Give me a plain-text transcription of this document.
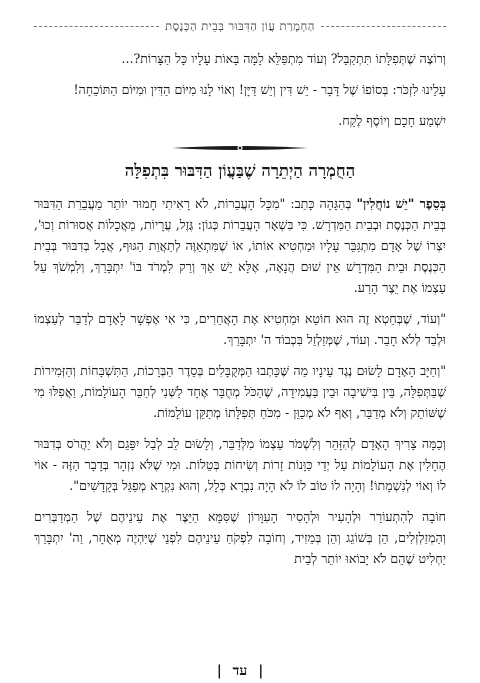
הַחְמָרַת עֲוֹן הַדִּבּוּר בְּבֵית הַכְּנֶסֶת

וְרוֹצֶה שֶׁתְּפִלָּתוֹ תִּתְקַבֵּל? וְעוֹד מִתְפַּלֵּא לָמָּה בָּאוֹת עָלָיו כָּל הַצָּרוֹת?...

עָלֵינוּ לִזְכֹּר: בְּסוֹפוֹ שֶׁל דָּבָר - יֵשׁ דִּין וְיֵשׁ דַּיָּן! וְאוֹי לָנוּ מִיּוֹם הַדִּין וּמִיּוֹם הַתּוֹכֵחָה!

יִשְׁמַע חָכָם וְיוֹסֶף לֶקַח.

הַחֻמְרָה הַיְתֵרָה שֶׁבַּעֲוֹן הַדִּבּוּר בִּתְפִלָּה

בְּסֵפֶר "יֵשׁ נוֹחֲלִין" בְּהַגָּהָה כָּתַב: "מִכָּל הָעֲבֵרוֹת, לֹא רָאִיתִי חָמוּר יוֹתֵר מֵעֲבֵרַת הַדִּבּוּר בְּבֵית הַכְּנֶסֶת וּבְבֵית הַמִּדְרָשׁ. כִּי בִּשְׁאָר הָעֲבֵרוֹת כְּגוֹן: גֶּזֶל, עֲרָיוֹת, מַאֲכָלוֹת אֲסוּרוֹת וְכוּ', יִצְרוֹ שֶׁל אָדָם מִתְגַּבֵּר עָלָיו וּמַחְטִיא אוֹתוֹ, אוֹ שֶׁמִּתְאַוֶּה לְתַאֲוַת הַגּוּף, אֲבָל בְּדִבּוּר בְּבֵית הַכְּנֶסֶת וּבֵית הַמִּדְרָשׁ אֵין שׁוּם הֲנָאָה, אֶלָּא יֵשׁ אַךְ וְרַק לִמְרֹד בּוֹ' יִתְבָּרַךְ, וְלִמְשֹׁךְ עַל עַצְמוֹ אֶת יֵצֶר הָרַע.

"וְעוֹד, שֶׁבְּחֵטְא זֶה הוּא חוֹטֵא וּמַחְטִיא אֶת הָאֲחֵרִים, כִּי אִי אֶפְשָׁר לָאָדָם לְדַבֵּר לְעַצְמוֹ וּלְבַד לְלֹא חָבֵר. וְעוֹד, שֶׁמְּזַלְזֵל בִּכְבוֹד ה' יִתְבָּרַךְ.

"וְחַיָּב הָאָדָם לָשׂוּם נֶגֶד עֵינָיו מַה שֶּׁכָּתְבוּ הַמְּקֻבָּלִים בְּסֵדֶר הַבְּרָכוֹת, הַתִּשְׁבָּחוֹת וְהַזְּמִירוֹת שֶׁבַּתְּפִלָּה, בֵּין בִּישִׁיבָה וּבֵין בַּעֲמִידָה, שֶׁהַכֹּל מְחֻבָּר אֶחָד לַשְּׁנִי לְחַבֵּר הָעוֹלָמוֹת, וַאֲפִלּוּ מִי שֶׁשּׁוֹתֵק וְלֹא מְדַבֵּר, וְאַף לֹא מְכַוֵּן - מִכֹּחַ תְּפִלָּתוֹ מְתַקֵּן עוֹלָמוֹת.

וְכַמָּה צָרִיךְ הָאָדָם לְהִזָּהֵר וְלִשְׁמֹר עַצְמוֹ מִלְּדַבֵּר, וְלָשׂוּם לֵב לְבַל יִפָּגֵם וְלֹא יַהֲרֹס בְּדִבּוּר הֶחָלִין אֶת הָעוֹלָמוֹת עַל יְדֵי כַּוָּנוֹת זָרוֹת וְשִׂיחוֹת בְּטֵלוֹת. וּמִי שֶׁלֹּא נִזְהָר בְּדָבָר הַזֶּה - אוֹי לוֹ וְאוֹי לְנִשְׁמָתוֹ! וְהָיָה לוֹ טוֹב לוֹ לֹא הָיָה נִבְרָא כְּלָל, וְהוּא נִקְרָא מְפַגֵּל בְּקָדָשִׁים".

חוֹבָה לְהִתְעוֹרֵר וּלְהָעִיר וּלְהָסִיר הָעִוָּרוֹן שֶׁסִּמָּא הַיֵּצֶר אֶת עֵינֵיהֶם שֶׁל הַמְדַבְּרִים וְהַמְזַלְזְלִים, הֵן בְּשׁוֹגֵג וְהֵן בְּמֵזִיד, וְחוֹבָה לִפְקֹחַ עֵינֵיהֶם לִפְנֵי שֶׁיִּהְיֶה מְאֻחָר, וַה' יִתְבָּרַךְ יַחְלִיט שֶׁהֵם לֹא יָבוֹאוּ יוֹתֵר לְבֵית

| עד |
